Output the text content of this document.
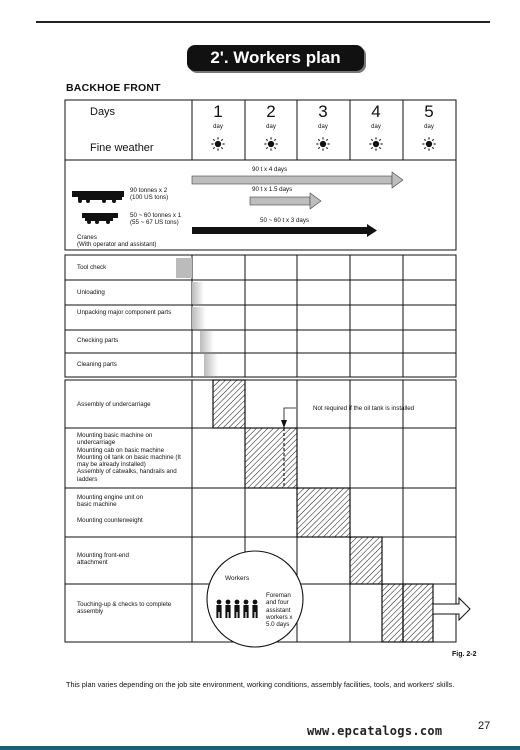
2'. Workers plan
BACKHOE FRONT
Days
Fine weather
1	2	3	4	5
day	day	day	day	day
90 tonnes x 2
(100 US tons)
50 ~ 60 tonnes x 1
(55 ~ 67 US tons)
Cranes
(With operator and assistant)
90 t x 4 days
90 t x 1.5 days
50 ~ 60 t x 3 days
Tool check
Unloading
Unpacking major component parts
Checking parts
Cleaning parts
Assembly of undercarriage
Mounting basic machine on undercarriage
Mounting cab on basic machine
Mounting oil tank on basic machine (It may be already installed)
Assembly of catwalks, handrails and ladders
Mounting engine unit on basic machine
Mounting counterweight
Mounting front-end attachment
Touching-up & checks to complete assembly
Not required if the oil tank is installed
Workers
Foreman and four assistant workers x 5.0 days
Fig. 2-2
This plan varies depending on the job site environment, working conditions, assembly facilities, tools, and workers' skills.
www.epcatalogs.com	27
